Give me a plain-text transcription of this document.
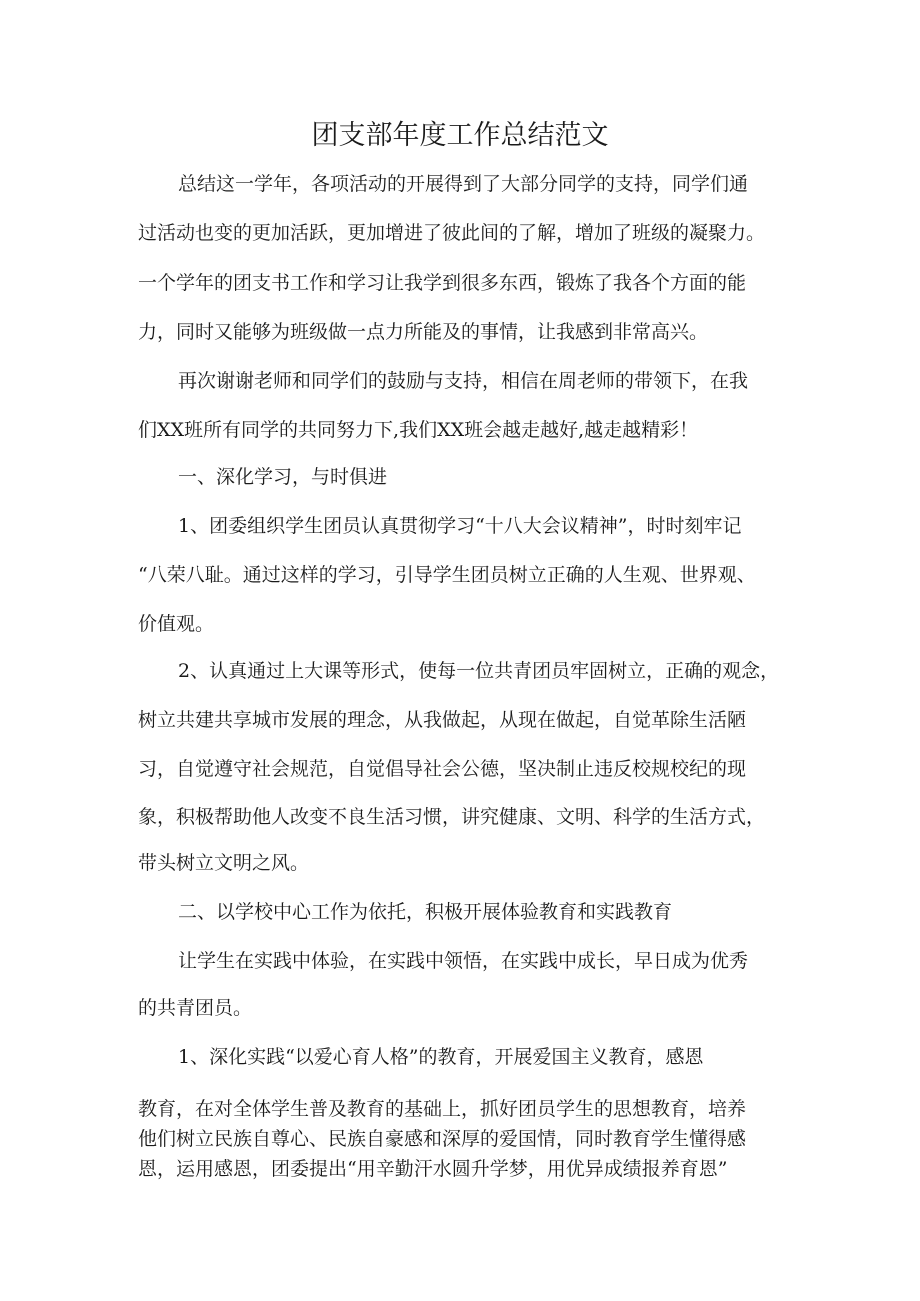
团支部年度工作总结范文
总结这一学年，各项活动的开展得到了大部分同学的支持，同学们通
过活动也变的更加活跃，更加增进了彼此间的了解，增加了班级的凝聚力。
一个学年的团支书工作和学习让我学到很多东西，锻炼了我各个方面的能
力，同时又能够为班级做一点力所能及的事情，让我感到非常高兴。
再次谢谢老师和同学们的鼓励与支持，相信在周老师的带领下，在我
们XX班所有同学的共同努力下,我们XX班会越走越好,越走越精彩！
一、深化学习，与时俱进
1、团委组织学生团员认真贯彻学习“十八大会议精神”，时时刻牢记
“八荣八耻。通过这样的学习，引导学生团员树立正确的人生观、世界观、
价值观。
2、认真通过上大课等形式，使每一位共青团员牢固树立，正确的观念，
树立共建共享城市发展的理念，从我做起，从现在做起，自觉革除生活陋
习，自觉遵守社会规范，自觉倡导社会公德，坚决制止违反校规校纪的现
象，积极帮助他人改变不良生活习惯，讲究健康、文明、科学的生活方式，
带头树立文明之风。
二、以学校中心工作为依托，积极开展体验教育和实践教育
让学生在实践中体验，在实践中领悟，在实践中成长，早日成为优秀
的共青团员。
1、深化实践“以爱心育人格”的教育，开展爱国主义教育，感恩
教育，在对全体学生普及教育的基础上，抓好团员学生的思想教育，培养
他们树立民族自尊心、民族自豪感和深厚的爱国情，同时教育学生懂得感
恩，运用感恩，团委提出“用辛勤汗水圆升学梦，用优异成绩报养育恩”
